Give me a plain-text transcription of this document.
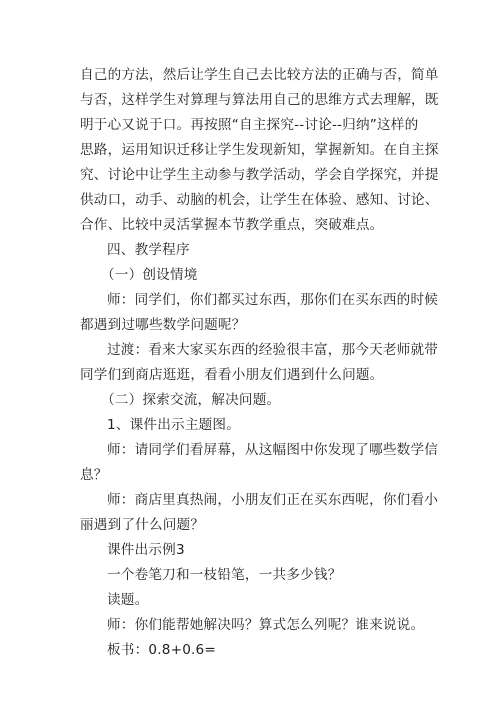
自己的方法，然后让学生自己去比较方法的正确与否，简单
与否，这样学生对算理与算法用自己的思维方式去理解，既
明于心又说于口。再按照“自主探究--讨论--归纳”这样的
思路，运用知识迁移让学生发现新知，掌握新知。在自主探
究、讨论中让学生主动参与教学活动，学会自学探究，并提
供动口，动手、动脑的机会，让学生在体验、感知、讨论、
合作、比较中灵活掌握本节教学重点，突破难点。
四、教学程序
（一）创设情境
师：同学们，你们都买过东西，那你们在买东西的时候
都遇到过哪些数学问题呢？
过渡：看来大家买东西的经验很丰富，那今天老师就带
同学们到商店逛逛，看看小朋友们遇到什么问题。
（二）探索交流，解决问题。
1、课件出示主题图。
师：请同学们看屏幕，从这幅图中你发现了哪些数学信
息？
师：商店里真热闹，小朋友们正在买东西呢，你们看小
丽遇到了什么问题？
课件出示例3
一个卷笔刀和一枝铅笔，一共多少钱？
读题。
师：你们能帮她解决吗？算式怎么列呢？谁来说说。
板书：0.8+0.6=
